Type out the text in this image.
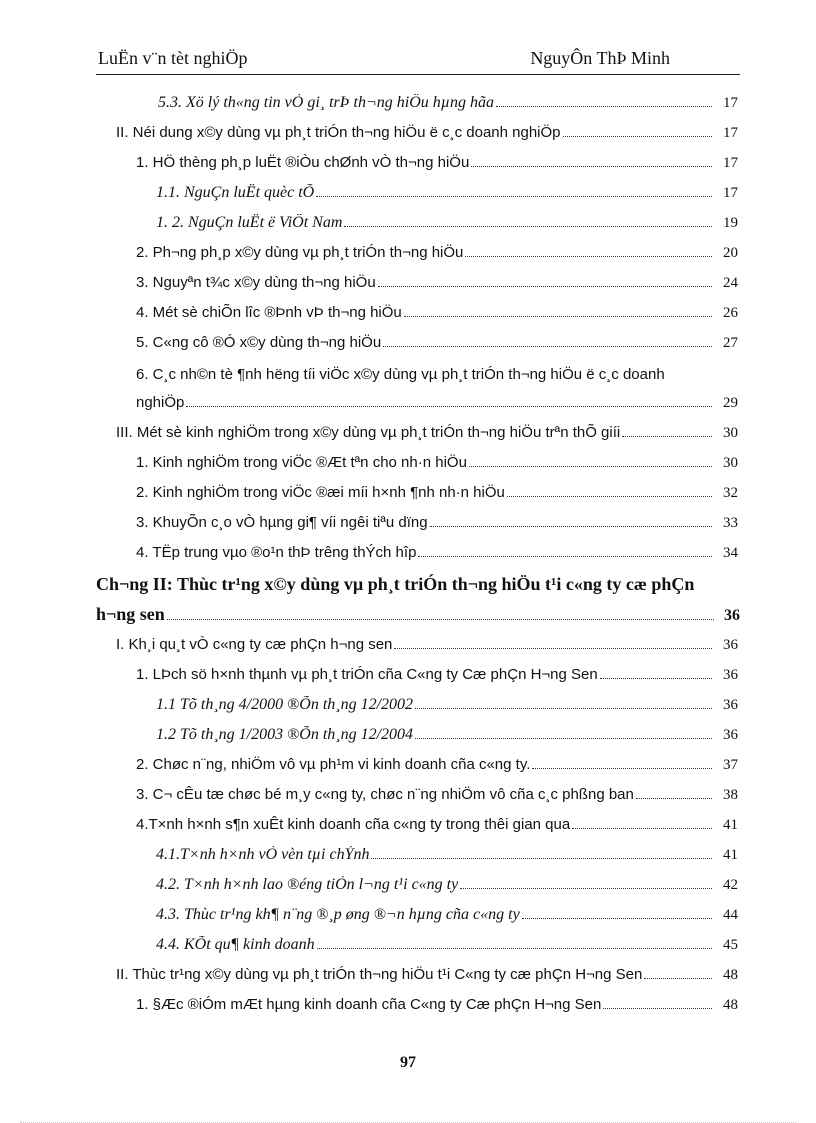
LuËn v¨n tèt nghiÖp	NguyÔn ThÞ Minh
5.3. Xö lý th«ng tin vÒ gi¸ trÞ th¬ng hiÖu hµng hãa	17
II. Néi dung x©y dùng vµ ph¸t triÓn th¬ng hiÖu ë c¸c doanh nghiÖp	17
1. HÖ thèng ph¸p luËt ®iÒu chØnh vÒ th¬ng hiÖu	17
1.1. NguÇn luËt quèc tÕ	17
1. 2. NguÇn luËt ë ViÖt Nam	19
2. Ph¬ng ph¸p x©y dùng vµ ph¸t triÓn th¬ng hiÖu	20
3. Nguyªn t¾c x©y dùng th¬ng hiÖu	24
4. Mét sè chiÕn lîc ®Þnh vÞ th¬ng hiÖu	26
5. C«ng cô ®Ó x©y dùng th¬ng hiÖu	27
6. C¸c nh©n tè ¶nh hëng tíi viÖc x©y dùng vµ ph¸t triÓn th¬ng hiÖu ë c¸c doanh
nghiÖp	29
III. Mét sè kinh nghiÖm trong x©y dùng vµ ph¸t triÓn th¬ng hiÖu trªn thÕ giíi	30
1. Kinh nghiÖm trong viÖc ®Æt tªn cho nh·n hiÖu	30
2. Kinh nghiÖm trong viÖc ®æi míi h×nh ¶nh nh·n hiÖu	32
3. KhuyÕn c¸o vÒ hµng gi¶ víi ngêi tiªu dïng	33
4. TËp trung vµo ®o¹n thÞ trêng thÝch hîp	34
Ch¬ng II: Thùc tr¹ng x©y dùng vµ ph¸t triÓn th¬ng hiÖu t¹i c«ng ty cæ phÇn
h¬ng sen	36
I. Kh¸i qu¸t vÒ c«ng ty cæ phÇn h¬ng sen	36
1. LÞch sö h×nh thµnh vµ ph¸t triÓn cña C«ng ty Cæ phÇn H¬ng Sen	36
1.1 Tõ th¸ng 4/2000 ®Õn th¸ng 12/2002	36
1.2 Tõ th¸ng 1/2003 ®Õn th¸ng 12/2004	36
2. Chøc n¨ng, nhiÖm vô vµ ph¹m vi kinh doanh cña c«ng ty.	37
3. C¬ cÊu tæ chøc bé m¸y c«ng ty, chøc n¨ng nhiÖm vô cña c¸c phßng ban	38
4.T×nh h×nh s¶n xuÊt kinh doanh cña c«ng ty trong thêi gian qua	41
4.1.T×nh h×nh vÒ vèn tµi chÝnh	41
4.2. T×nh h×nh lao ®éng tiÒn l¬ng t¹i c«ng ty	42
4.3. Thùc tr¹ng kh¶ n¨ng ®¸p øng ®¬n hµng cña c«ng ty	44
4.4. KÕt qu¶ kinh doanh	45
II. Thùc tr¹ng x©y dùng vµ ph¸t triÓn th¬ng hiÖu t¹i C«ng ty cæ phÇn H¬ng Sen	48
1. §Æc ®iÓm mÆt hµng kinh doanh cña C«ng ty Cæ phÇn H¬ng Sen	48
97
